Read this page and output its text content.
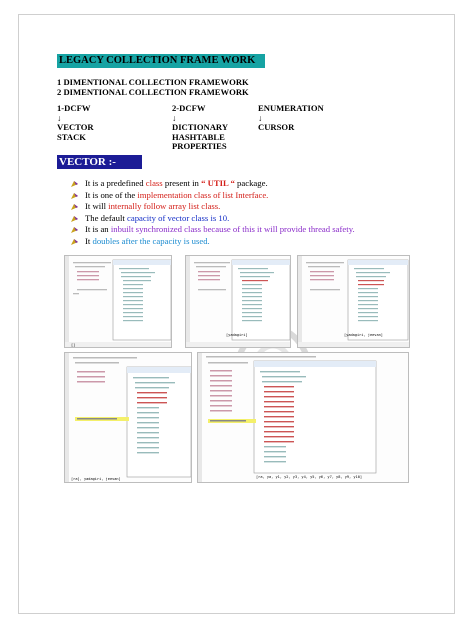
LEGACY COLLECTION FRAME WORK
1 DIMENTIONAL COLLECTION FRAMEWORK
2 DIMENTIONAL COLLECTION FRAMEWORK
1-DCFW
↓
VECTOR
STACK
2-DCFW
↓
DICTIONARY
HASHTABLE
PROPERTIES
ENUMERATION
↓
CURSOR
VECTOR :-
It is a predefined class present in “ UTIL “ package.
It is one of the implementation class of list Interface.
It will internally follow array list class.
The default capacity of vector class is 10.
It is an inbuilt synchronized class because of this it will provide thread safety.
It doubles after the capacity is used.
[]
[yadagiri]	[yadagiri, jeevan]
[ra], yadagiri, jeevan]	[ra, ya, y1, y2, y3, y4, y5, y6, y7, y8, y9, y10]
